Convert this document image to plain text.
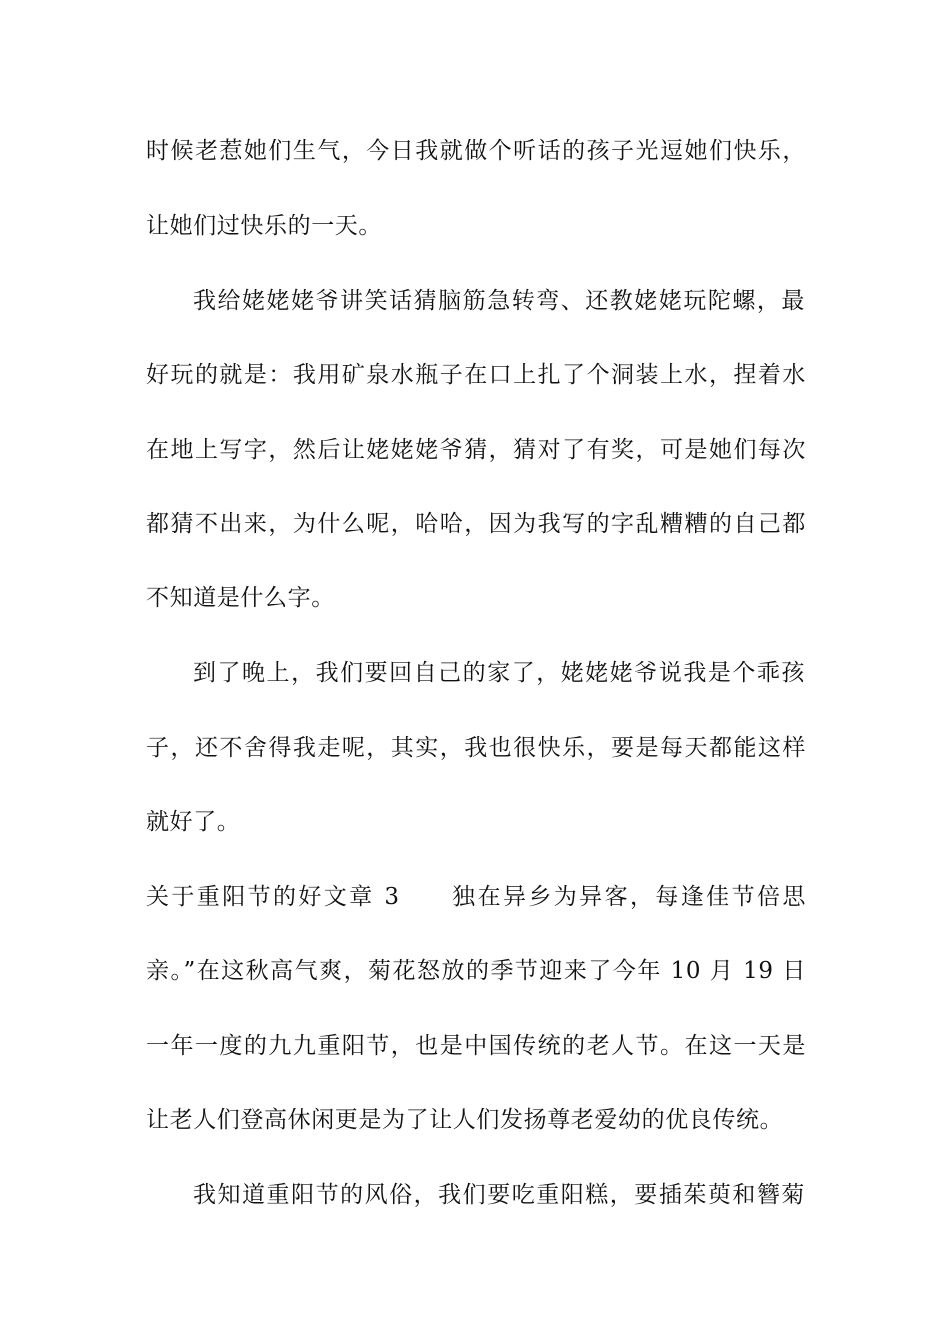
时候老惹她们生气，今日我就做个听话的孩子光逗她们快乐，
让她们过快乐的一天。
我给姥姥姥爷讲笑话猜脑筋急转弯、还教姥姥玩陀螺，最
好玩的就是：我用矿泉水瓶子在口上扎了个洞装上水，捏着水
在地上写字，然后让姥姥姥爷猜，猜对了有奖，可是她们每次
都猜不出来，为什么呢，哈哈，因为我写的字乱糟糟的自己都
不知道是什么字。
到了晚上，我们要回自己的家了，姥姥姥爷说我是个乖孩
子，还不舍得我走呢，其实，我也很快乐，要是每天都能这样
就好了。
关于重阳节的好文章 3　　独在异乡为异客，每逢佳节倍思
亲。”在这秋高气爽，菊花怒放的季节迎来了今年 10 月 19 日
一年一度的九九重阳节，也是中国传统的老人节。在这一天是
让老人们登高休闲更是为了让人们发扬尊老爱幼的优良传统。
我知道重阳节的风俗，我们要吃重阳糕，要插茱萸和簪菊
